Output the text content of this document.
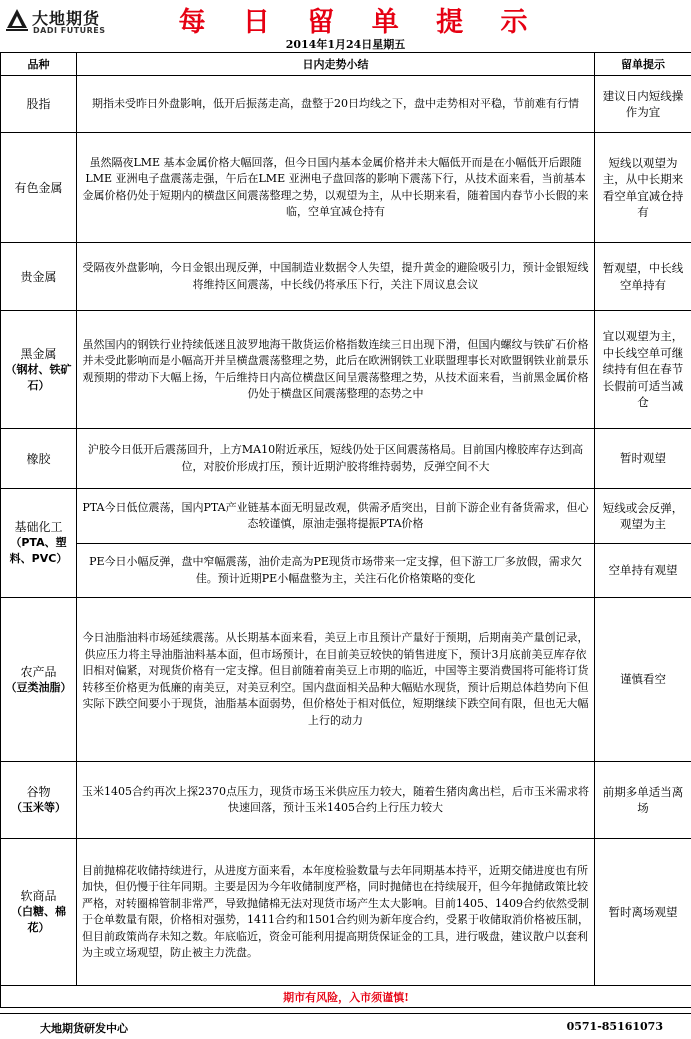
大地期货
DADI FUTURES	每 日 留 单 提 示
2014年1月24日星期五
品种	日内走势小结	留单提示

股指	期指未受昨日外盘影响，低开后振荡走高，盘整于20日均线之下，盘中走势相对平稳，节前难有行情	建议日内短线操作为宜

有色金属	虽然隔夜LME 基本金属价格大幅回落，但今日国内基本金属价格并未大幅低开而是在小幅低开后跟随LME 亚洲电子盘震荡走强，午后在LME 亚洲电子盘回落的影响下震荡下行，从技术面来看，当前基本金属价格仍处于短期内的横盘区间震荡整理之势，以观望为主，从中长期来看，随着国内春节小长假的来临，空单宜减仓持有	短线以观望为主，从中长期来看空单宜减仓持有

贵金属	受隔夜外盘影响，今日金银出现反弹，中国制造业数据令人失望，提升黄金的避险吸引力，预计金银短线将维持区间震荡，中长线仍将承压下行，关注下周议息会议	暂观望，中长线空单持有

黑金属
（钢材、铁矿石）	虽然国内的钢铁行业持续低迷且波罗地海干散货运价格指数连续三日出现下滑，但国内螺纹与铁矿石价格并未受此影响而是小幅高开并呈横盘震荡整理之势，此后在欧洲钢铁工业联盟理事长对欧盟钢铁业前景乐观预期的带动下大幅上扬，午后维持日内高位横盘区间呈震荡整理之势，从技术面来看，当前黑金属价格仍处于横盘区间震荡整理的态势之中	宜以观望为主，中长线空单可继续持有但在春节长假前可适当减仓

橡胶	沪胶今日低开后震荡回升，上方MA10附近承压，短线仍处于区间震荡格局。目前国内橡胶库存达到高位，对胶价形成打压，预计近期沪胶将维持弱势，反弹空间不大	暂时观望

基础化工
（PTA、塑料、PVC）	PTA今日低位震荡，国内PTA产业链基本面无明显改观，供需矛盾突出，目前下游企业有备货需求，但心态较谨慎，原油走强将提振PTA价格	短线或会反弹，观望为主
	PE今日小幅反弹，盘中窄幅震荡，油价走高为PE现货市场带来一定支撑，但下游工厂多放假，需求欠佳。预计近期PE小幅盘整为主，关注石化价格策略的变化	空单持有观望

农产品
（豆类油脂）	今日油脂油料市场延续震荡。从长期基本面来看，美豆上市且预计产量好于预期，后期南美产量创记录，供应压力将主导油脂油料基本面，但市场预计，在目前美豆较快的销售进度下，预计3月底前美豆库存依旧相对偏紧，对现货价格有一定支撑。但目前随着南美豆上市期的临近，中国等主要消费国将可能将订货转移至价格更为低廉的南美豆，对美豆利空。国内盘面相关品种大幅贴水现货，预计后期总体趋势向下但实际下跌空间要小于现货，油脂基本面弱势，但价格处于相对低位，短期继续下跌空间有限，但也无大幅上行的动力	谨慎看空

谷物
（玉米等）	玉米1405合约再次上探2370点压力，现货市场玉米供应压力较大，随着生猪肉禽出栏，后市玉米需求将快速回落，预计玉米1405合约上行压力较大	前期多单适当离场

软商品
（白糖、棉花）	目前抛棉花收储持续进行，从进度方面来看，本年度检验数量与去年同期基本持平，近期交储进度也有所加快，但仍慢于往年同期。主要是因为今年收储制度严格，同时抛储也在持续展开，但今年抛储政策比较严格，对转圈棉管制非常严，导致抛储棉无法对现货市场产生太大影响。目前1405、1409合约依然受制于仓单数量有限，价格相对强势，1411合约和1501合约则为新年度合约，受累于收储取消价格被压制，但目前政策尚存未知之数。年底临近，资金可能利用提高期货保证金的工具，进行吸盘，建议散户以套利为主或立场观望，防止被主力洗盘。	暂时离场观望
期市有风险，入市须谨慎!		
大地期货研发中心	0571-85161073
